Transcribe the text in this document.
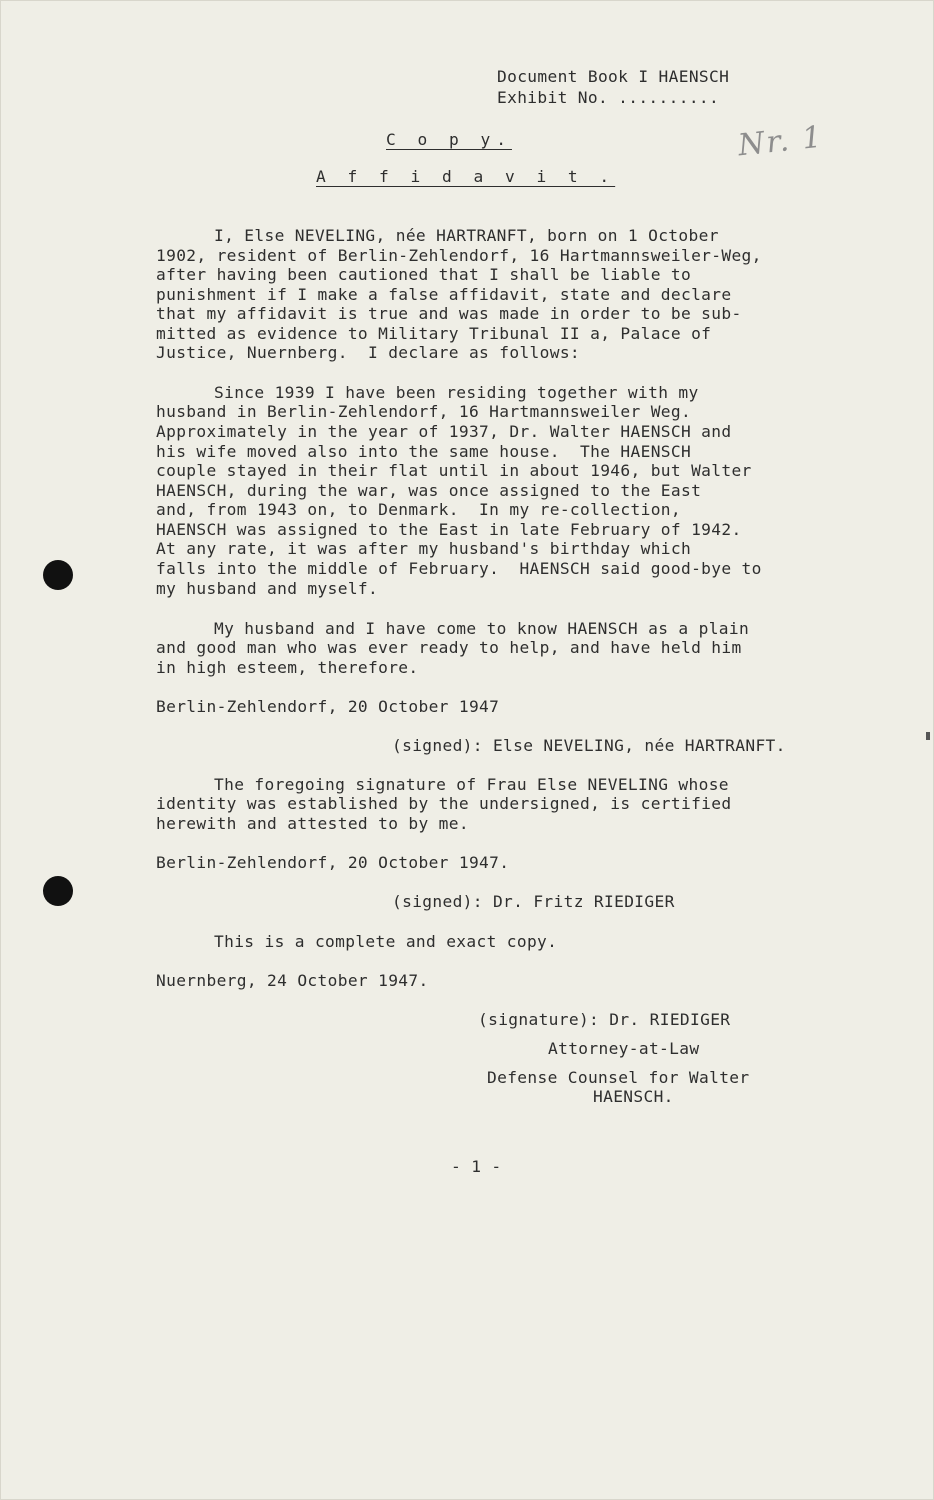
Document Book I HAENSCH
Exhibit No. ..........
Nr. 1
C o p y.
A f f i d a v i t .
I, Else NEVELING, née HARTRANFT, born on 1 October
1902, resident of Berlin-Zehlendorf, 16 Hartmannsweiler-Weg,
after having been cautioned that I shall be liable to
punishment if I make a false affidavit, state and declare
that my affidavit is true and was made in order to be sub-
mitted as evidence to Military Tribunal II a, Palace of
Justice, Nuernberg.  I declare as follows:
Since 1939 I have been residing together with my
husband in Berlin-Zehlendorf, 16 Hartmannsweiler Weg.
Approximately in the year of 1937, Dr. Walter HAENSCH and
his wife moved also into the same house.  The HAENSCH
couple stayed in their flat until in about 1946, but Walter
HAENSCH, during the war, was once assigned to the East
and, from 1943 on, to Denmark.  In my re-collection,
HAENSCH was assigned to the East in late February of 1942.
At any rate, it was after my husband's birthday which
falls into the middle of February.  HAENSCH said good-bye to
my husband and myself.
My husband and I have come to know HAENSCH as a plain
and good man who was ever ready to help, and have held him
in high esteem, therefore.
Berlin-Zehlendorf, 20 October 1947
(signed): Else NEVELING, née HARTRANFT.
The foregoing signature of Frau Else NEVELING whose
identity was established by the undersigned, is certified
herewith and attested to by me.
Berlin-Zehlendorf, 20 October 1947.
(signed): Dr. Fritz RIEDIGER
This is a complete and exact copy.
Nuernberg, 24 October 1947.
(signature): Dr. RIEDIGER
Attorney-at-Law
Defense Counsel for Walter
HAENSCH.
- 1 -
